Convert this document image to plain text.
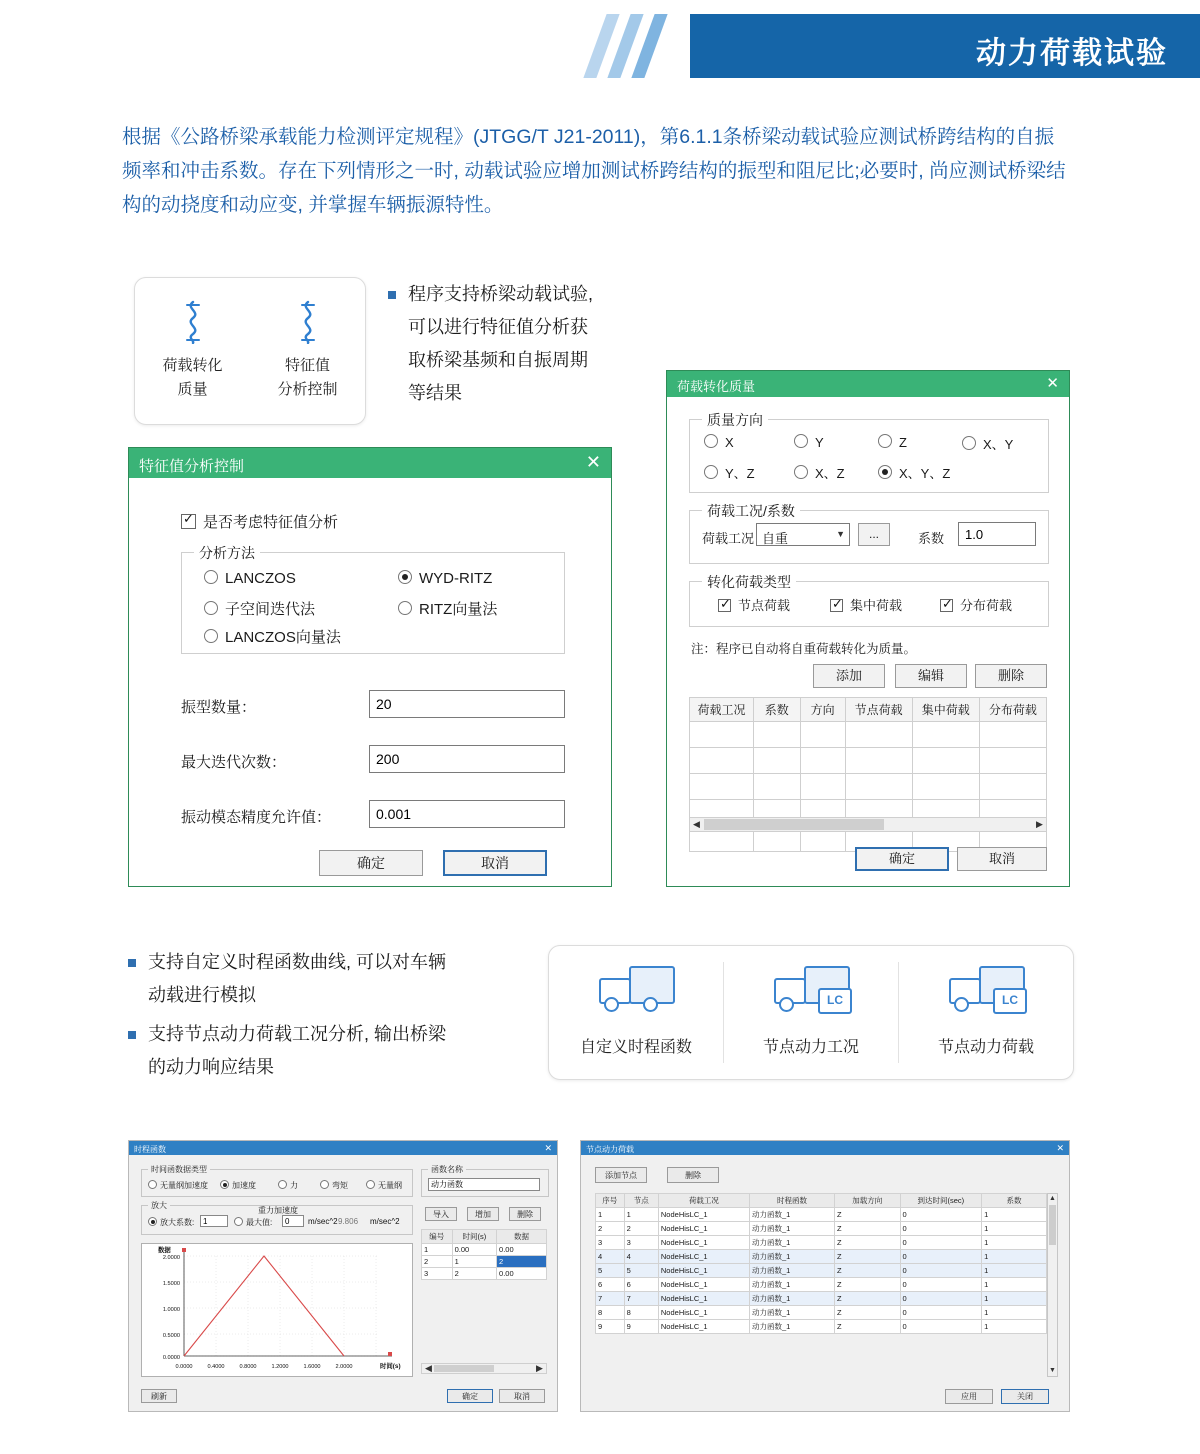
动力荷载试验
根据《公路桥梁承载能力检测评定规程》(JTGG/T J21-2011)，第6.1.1条桥梁动载试验应测试桥跨结构的自振频率和冲击系数。存在下列情形之一时, 动载试验应增加测试桥跨结构的振型和阻尼比;必要时, 尚应测试桥梁结构的动挠度和动应变, 并掌握车辆振源特性。
荷载转化
质量
特征值
分析控制
程序支持桥梁动载试验,
可以进行特征值分析获
取桥梁基频和自振周期
等结果
特征值分析控制	✕
✓是否考虑特征值分析
分析方法
LANCZOS	WYD-RITZ
子空间迭代法	RITZ向量法
LANCZOS向量法
振型数量：
20
最大迭代次数：
200
振动模态精度允许值：
0.001
确定	取消
荷载转化质量	✕
质量方向
X	Y	Z	X、Y
Y、Z	X、Z	X、Y、Z
荷载工况/系数
荷载工况 自重	▼	...	系数
1.0
转化荷载类型
✓节点荷载 ✓	集中荷载 ✓	分布荷载
注：程序已自动将自重荷载转化为质量。
添加	编辑	删除
荷载工况	系数	方向	节点荷载	集中荷载	分布荷载

◀	▶
确定	取消
支持自定义时程函数曲线, 可以对车辆
动载进行模拟
支持节点动力荷载工况分析, 输出桥梁
的动力响应结果
自定义时程函数
LC
节点动力工况
LC
节点动力荷载
时程函数	✕
时间函数据类型
无量纲加速度	加速度	力	弯矩	无量纲
放大
放大系数:
1	最大值:
0	m/sec^2
重力加速度
9.806 m/sec^2
函数名称
动力函数
导入	增加	删除
编号	时间(s)	数据
1	0.00	0.00
2	1	2
3	2	0.00
◀	▶
2.0000
1.5000
1.0000
0.5000
0.0000
0.0000	0.4000	0.8000	1.2000	1.6000	2.0000	时间(s)
数据
刷新	确定	取消
节点动力荷载	✕
添加节点	删除
序号	节点	荷载工况	时程函数	加载方向	到达时间(sec)	系数
1	1	NodeHisLC_1	动力函数_1	Z	0	1
2	2	NodeHisLC_1	动力函数_1	Z	0	1
3	3	NodeHisLC_1	动力函数_1	Z	0	1
4	4	NodeHisLC_1	动力函数_1	Z	0	1
5	5	NodeHisLC_1	动力函数_1	Z	0	1
6	6	NodeHisLC_1	动力函数_1	Z	0	1
7	7	NodeHisLC_1	动力函数_1	Z	0	1
8	8	NodeHisLC_1	动力函数_1	Z	0	1
9	9	NodeHisLC_1	动力函数_1	Z	0	1
▲
▼
应用	关闭
